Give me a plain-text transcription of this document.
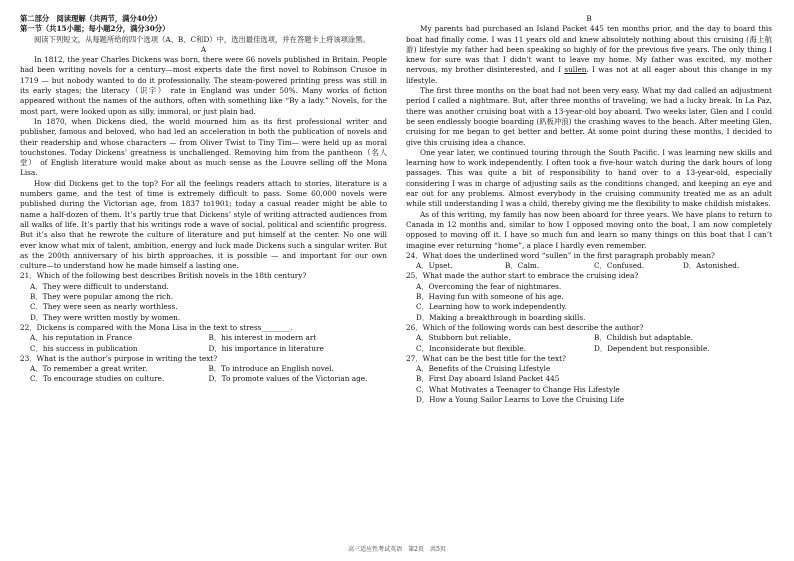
第二部分　阅读理解（共两节，满分40分）

第一节（共15小题；每小题2分，满分30分）

阅读下列短文，从每题所给的四个选项（A、B、C和D）中，选出最佳选项，并在答题卡上将该项涂黑。

A

In 1812, the year Charles Dickens was born, there were 66 novels published in Britain. People had been writing novels for a century—most experts date the first novel to Robinson Crusoe in 1719 — but nobody wanted to do it professionally. The steam-powered printing press was still in its early stages; the literacy（识字） rate in England was under 50%. Many works of fiction appeared without the names of the authors, often with something like “By a lady.” Novels, for the most part, were looked upon as silly, immoral, or just plain bad.

In 1870, when Dickens died, the world mourned him as its first professional writer and publisher, famous and beloved, who had led an acceleration in both the publication of novels and their readership and whose characters — from Oliver Twist to Tiny Tim— were held up as moral touchstones. Today Dickens’ greatness is unchallenged. Removing him from the pantheon（名人堂） of English literature would make about as much sense as the Louvre selling off the Mona Lisa.

How did Dickens get to the top? For all the feelings readers attach to stories, literature is a numbers game, and the test of time is extremely difficult to pass. Some 60,000 novels were published during the Victorian age, from 1837 to1901; today a casual reader might be able to name a half-dozen of them. It’s partly true that Dickens’ style of writing attracted audiences from all walks of life. It’s partly that his writings rode a wave of social, political and scientific progress. But it’s also that he rewrote the culture of literature and put himself at the center. No one will ever know what mix of talent, ambition, energy and luck made Dickens such a singular writer. But as the 200th anniversary of his birth approaches, it is possible — and important for our own culture—to understand how he made himself a lasting one.

21．Which of the following best describes British novels in the 18th century?

A．They were difficult to understand.
B．They were popular among the rich.
C．They were seen as nearly worthless.
D．They were written mostly by women.

22．Dickens is compared with the Mona Lisa in the text to stress________.

A．his reputation in France	B．his interest in modern art
C．his success in publication	D．his importance in literature

23．What is the author’s purpose in writing the text?

A．To remember a great writer.	B．To introduce an English novel.
C．To encourage studies on culture.	D．To promote values of the Victorian age.

B

My parents had purchased an Island Packet 445 ten months prior, and the day to board this boat had finally come. I was 11 years old and knew absolutely nothing about this cruising (海上航游) lifestyle my father had been speaking so highly of for the previous five years. The only thing I knew for sure was that I didn’t want to leave my home. My father was excited, my mother nervous, my brother disinterested, and I sullen. I was not at all eager about this change in my lifestyle.

The first three months on the boat had not been very easy. What my dad called an adjustment period I called a nightmare. But, after three months of traveling, we had a lucky break. In La Paz, there was another cruising boat with a 13-year-old boy aboard. Two weeks later, Glen and I could be seen endlessly boogie boarding (趴板冲浪) the crashing waves to the beach. After meeting Glen, cruising for me began to get better and better. At some point during these months, I decided to give this cruising idea a chance.

One year later, we continued touring through the South Pacific. I was learning new skills and learning how to work independently. I often took a five-hour watch during the dark hours of long passages. This was quite a bit of responsibility to hand over to a 13-year-old, especially considering I was in charge of adjusting sails as the conditions changed, and keeping an eye and ear out for any problems. Almost everybody in the cruising community treated me as an adult while still understanding I was a child, thereby giving me the flexibility to make childish mistakes.

As of this writing, my family has now been aboard for three years. We have plans to return to Canada in 12 months and, similar to how I opposed moving onto the boat, I am now completely opposed to moving off it. I have so much fun and learn so many things on this boat that I can’t imagine ever returning “home”, a place I hardly even remember.

24．What does the underlined word “sullen” in the first paragraph probably mean?

A．Upset.	B．Calm.	C．Confused.	D．Astonished.

25．What made the author start to embrace the cruising idea?

A．Overcoming the fear of nightmares.
B．Having fun with someone of his age.
C．Learning how to work independently.
D．Making a breakthrough in boarding skills.

26．Which of the following words can best describe the author?

A．Stubborn but reliable.	B．Childish but adaptable.
C．Inconsiderate but flexible.	D．Dependent but responsible.

27．What can be the best title for the text?

A．Benefits of the Cruising Lifestyle
B．First Day aboard Island Packet 445
C．What Motivates a Teenager to Change His Lifestyle
D．How a Young Sailor Learns to Love the Cruising Life
高三适应性考试英语　第2页　共5页
